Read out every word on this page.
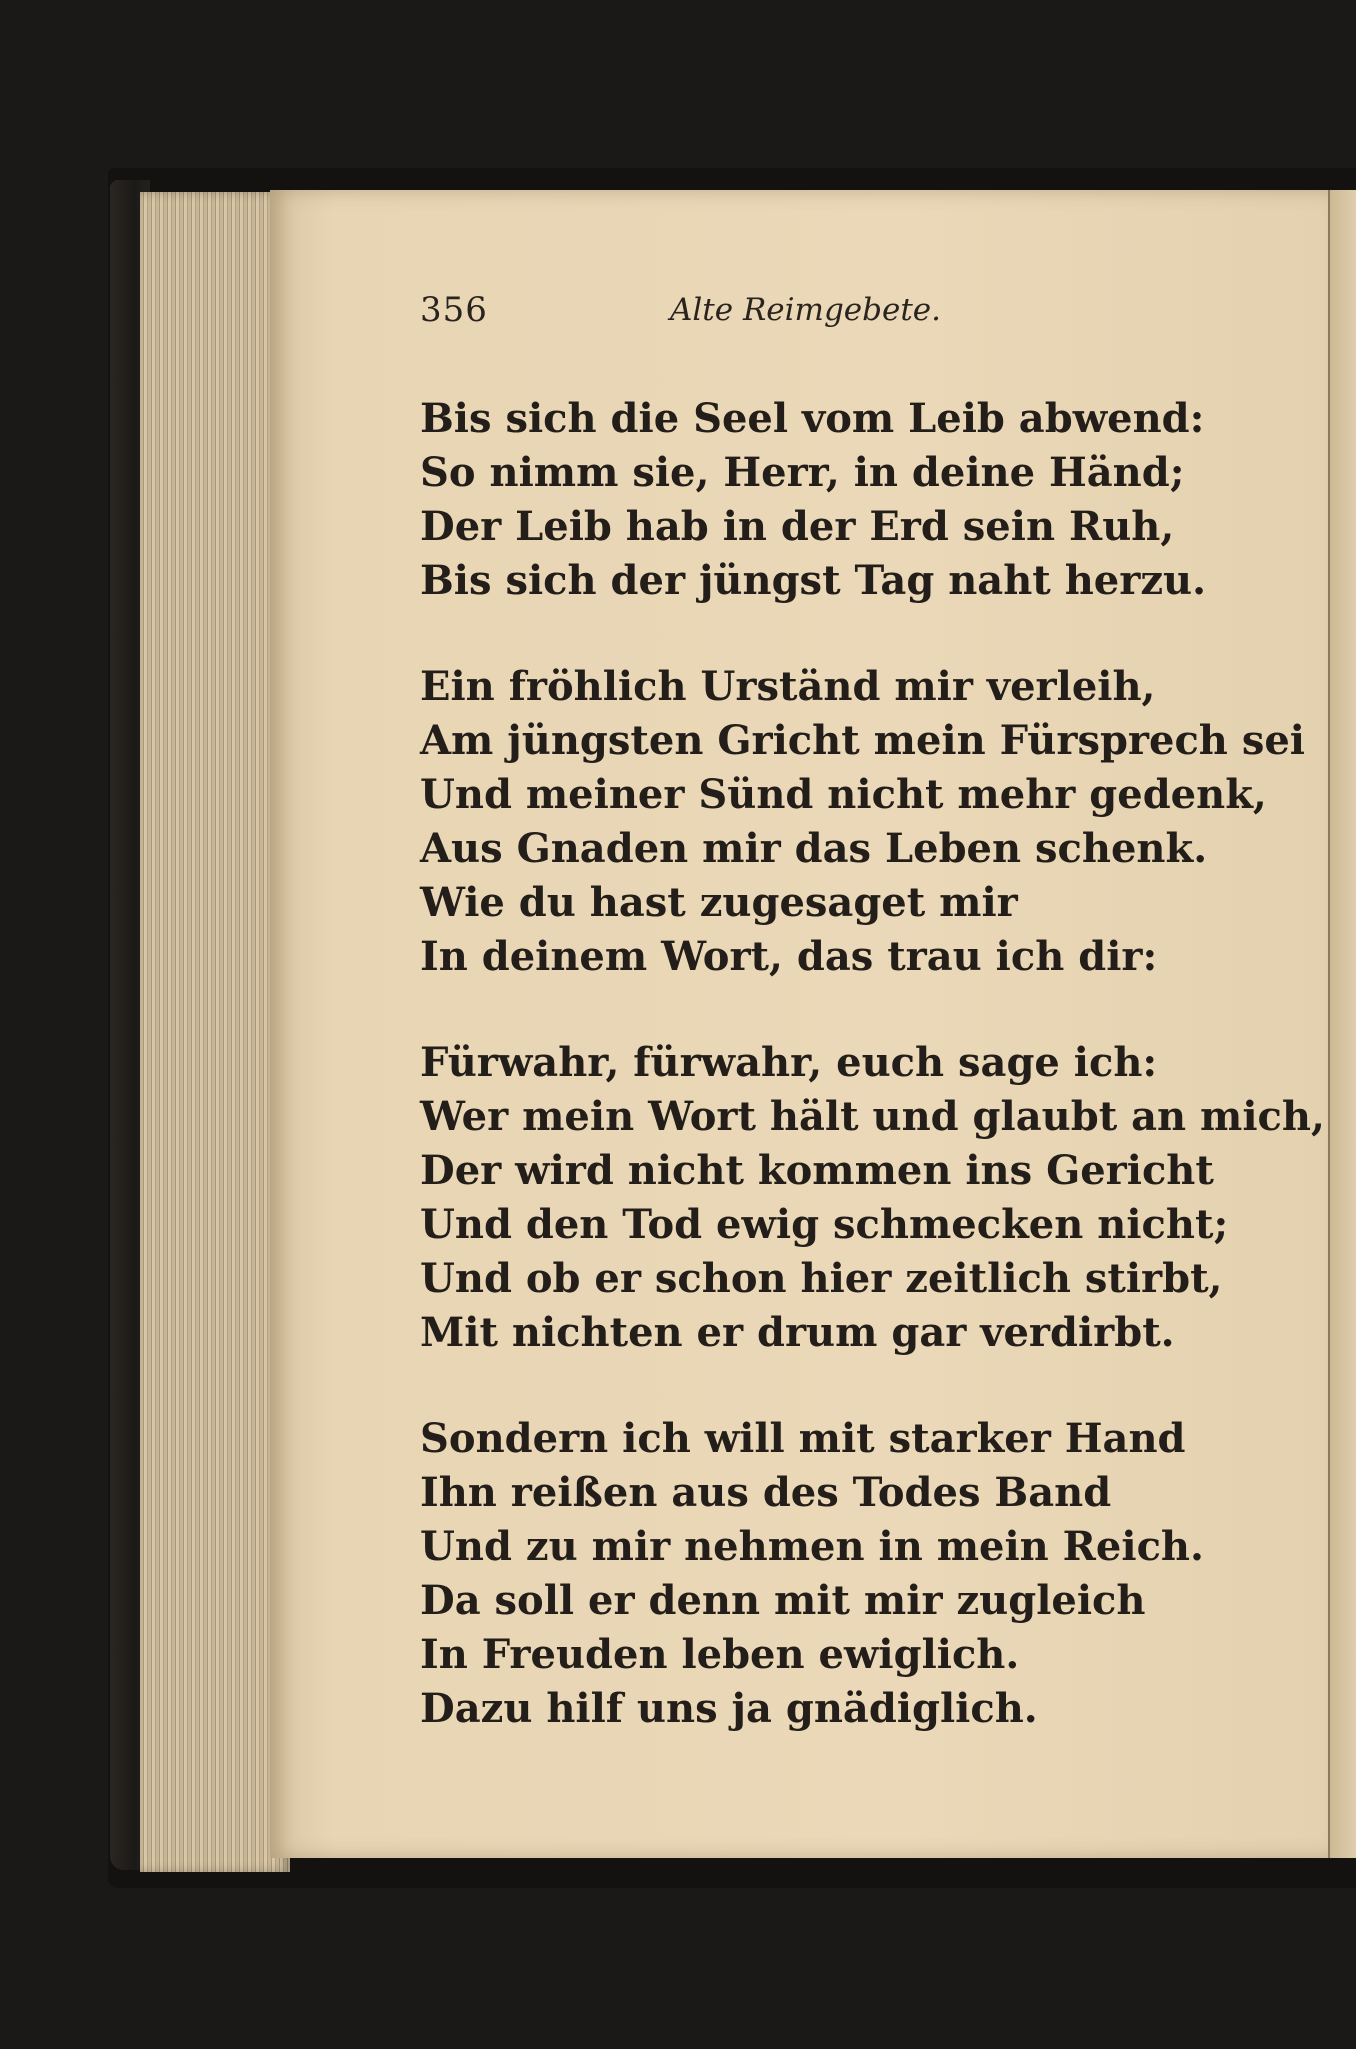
356	Alte Reimgebete.
Bis sich die Seel vom Leib abwend:
So nimm sie, Herr, in deine Händ;
Der Leib hab in der Erd sein Ruh,
Bis sich der jüngst Tag naht herzu.
Ein fröhlich Urständ mir verleih,
Am jüngsten Gricht mein Fürsprech sei
Und meiner Sünd nicht mehr gedenk,
Aus Gnaden mir das Leben schenk.
Wie du hast zugesaget mir
In deinem Wort, das trau ich dir:
Fürwahr, fürwahr, euch sage ich:
Wer mein Wort hält und glaubt an mich,
Der wird nicht kommen ins Gericht
Und den Tod ewig schmecken nicht;
Und ob er schon hier zeitlich stirbt,
Mit nichten er drum gar verdirbt.
Sondern ich will mit starker Hand
Ihn reißen aus des Todes Band
Und zu mir nehmen in mein Reich.
Da soll er denn mit mir zugleich
In Freuden leben ewiglich.
Dazu hilf uns ja gnädiglich.
